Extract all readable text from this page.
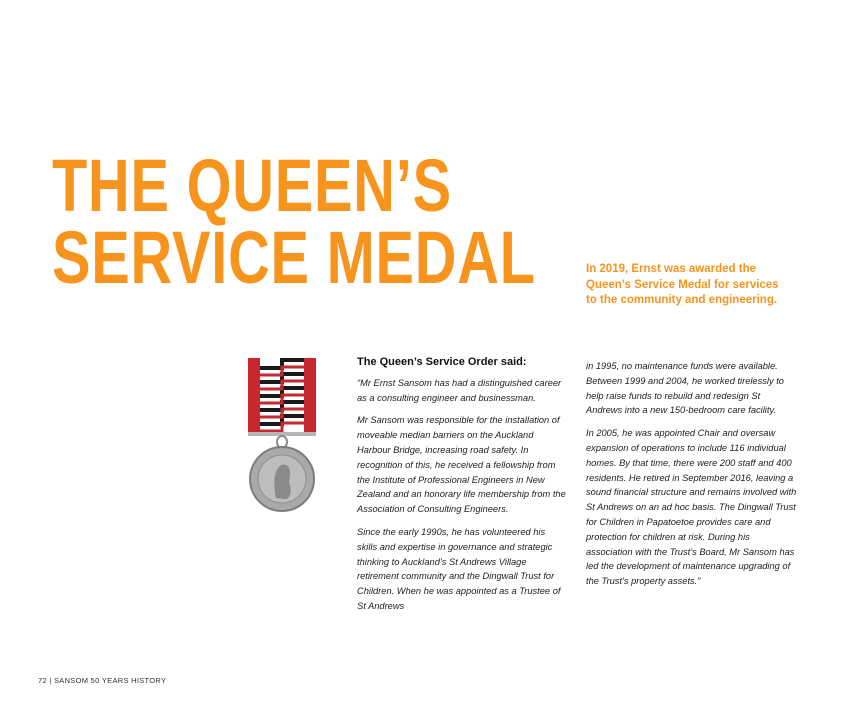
THE QUEEN’S
SERVICE MEDAL	In 2019, Ernst was awarded the Queen’s Service Medal for services to the community and engineering.
The Queen’s Service Order said:

“Mr Ernst Sansom has had a distinguished career as a consulting engineer and businessman.

Mr Sansom was responsible for the installation of moveable median barriers on the Auckland Harbour Bridge, increasing road safety. In recognition of this, he received a fellowship from the Institute of Professional Engineers in New Zealand and an honorary life membership from the Association of Consulting Engineers.

Since the early 1990s, he has volunteered his skills and expertise in governance and strategic thinking to Auckland’s St Andrews Village retirement community and the Dingwall Trust for Children. When he was appointed as a Trustee of St Andrews

in 1995, no maintenance funds were available. Between 1999 and 2004, he worked tirelessly to help raise funds to rebuild and redesign St Andrews into a new 150-bedroom care facility.

In 2005, he was appointed Chair and oversaw expansion of operations to include 116 individual homes. By that time, there were 200 staff and 400 residents. He retired in September 2016, leaving a sound financial structure and remains involved with St Andrews on an ad hoc basis. The Dingwall Trust for Children in Papatoetoe provides care and protection for children at risk. During his association with the Trust’s Board, Mr Sansom has led the development of maintenance upgrading of the Trust’s property assets.”

72 | SANSOM 50 YEARS HISTORY
